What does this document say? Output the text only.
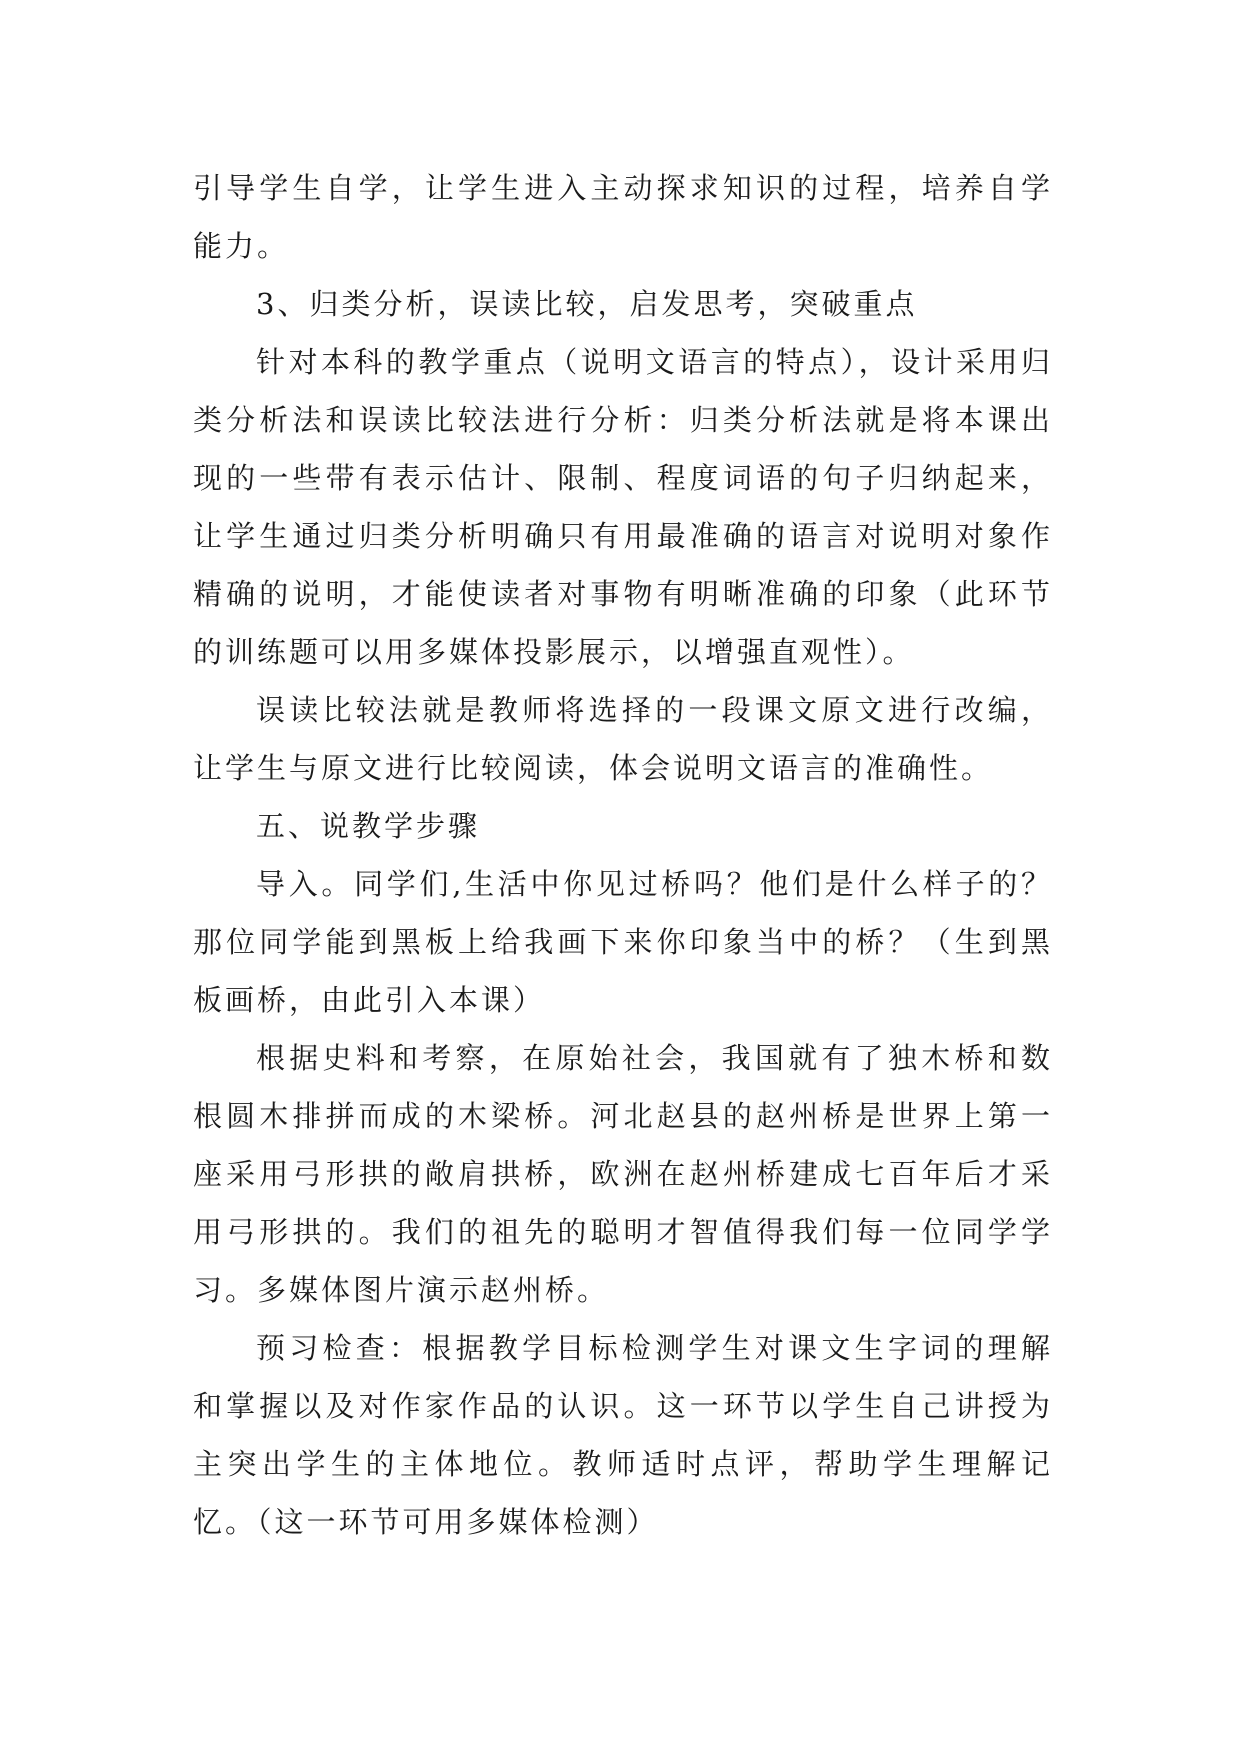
引导学生自学，让学生进入主动探求知识的过程，培养自学能力。

3、归类分析，误读比较，启发思考，突破重点

针对本科的教学重点（说明文语言的特点），设计采用归类分析法和误读比较法进行分析：归类分析法就是将本课出现的一些带有表示估计、限制、程度词语的句子归纳起来，让学生通过归类分析明确只有用最准确的语言对说明对象作精确的说明，才能使读者对事物有明晰准确的印象（此环节的训练题可以用多媒体投影展示，以增强直观性）。

误读比较法就是教师将选择的一段课文原文进行改编，让学生与原文进行比较阅读，体会说明文语言的准确性。

五、说教学步骤

导入。同学们,生活中你见过桥吗？他们是什么样子的？那位同学能到黑板上给我画下来你印象当中的桥？（生到黑板画桥，由此引入本课）

根据史料和考察，在原始社会，我国就有了独木桥和数根圆木排拼而成的木梁桥。河北赵县的赵州桥是世界上第一座采用弓形拱的敞肩拱桥，欧洲在赵州桥建成七百年后才采用弓形拱的。我们的祖先的聪明才智值得我们每一位同学学习。多媒体图片演示赵州桥。

预习检查：根据教学目标检测学生对课文生字词的理解和掌握以及对作家作品的认识。这一环节以学生自己讲授为主突出学生的主体地位。教师适时点评，帮助学生理解记忆。（这一环节可用多媒体检测）
